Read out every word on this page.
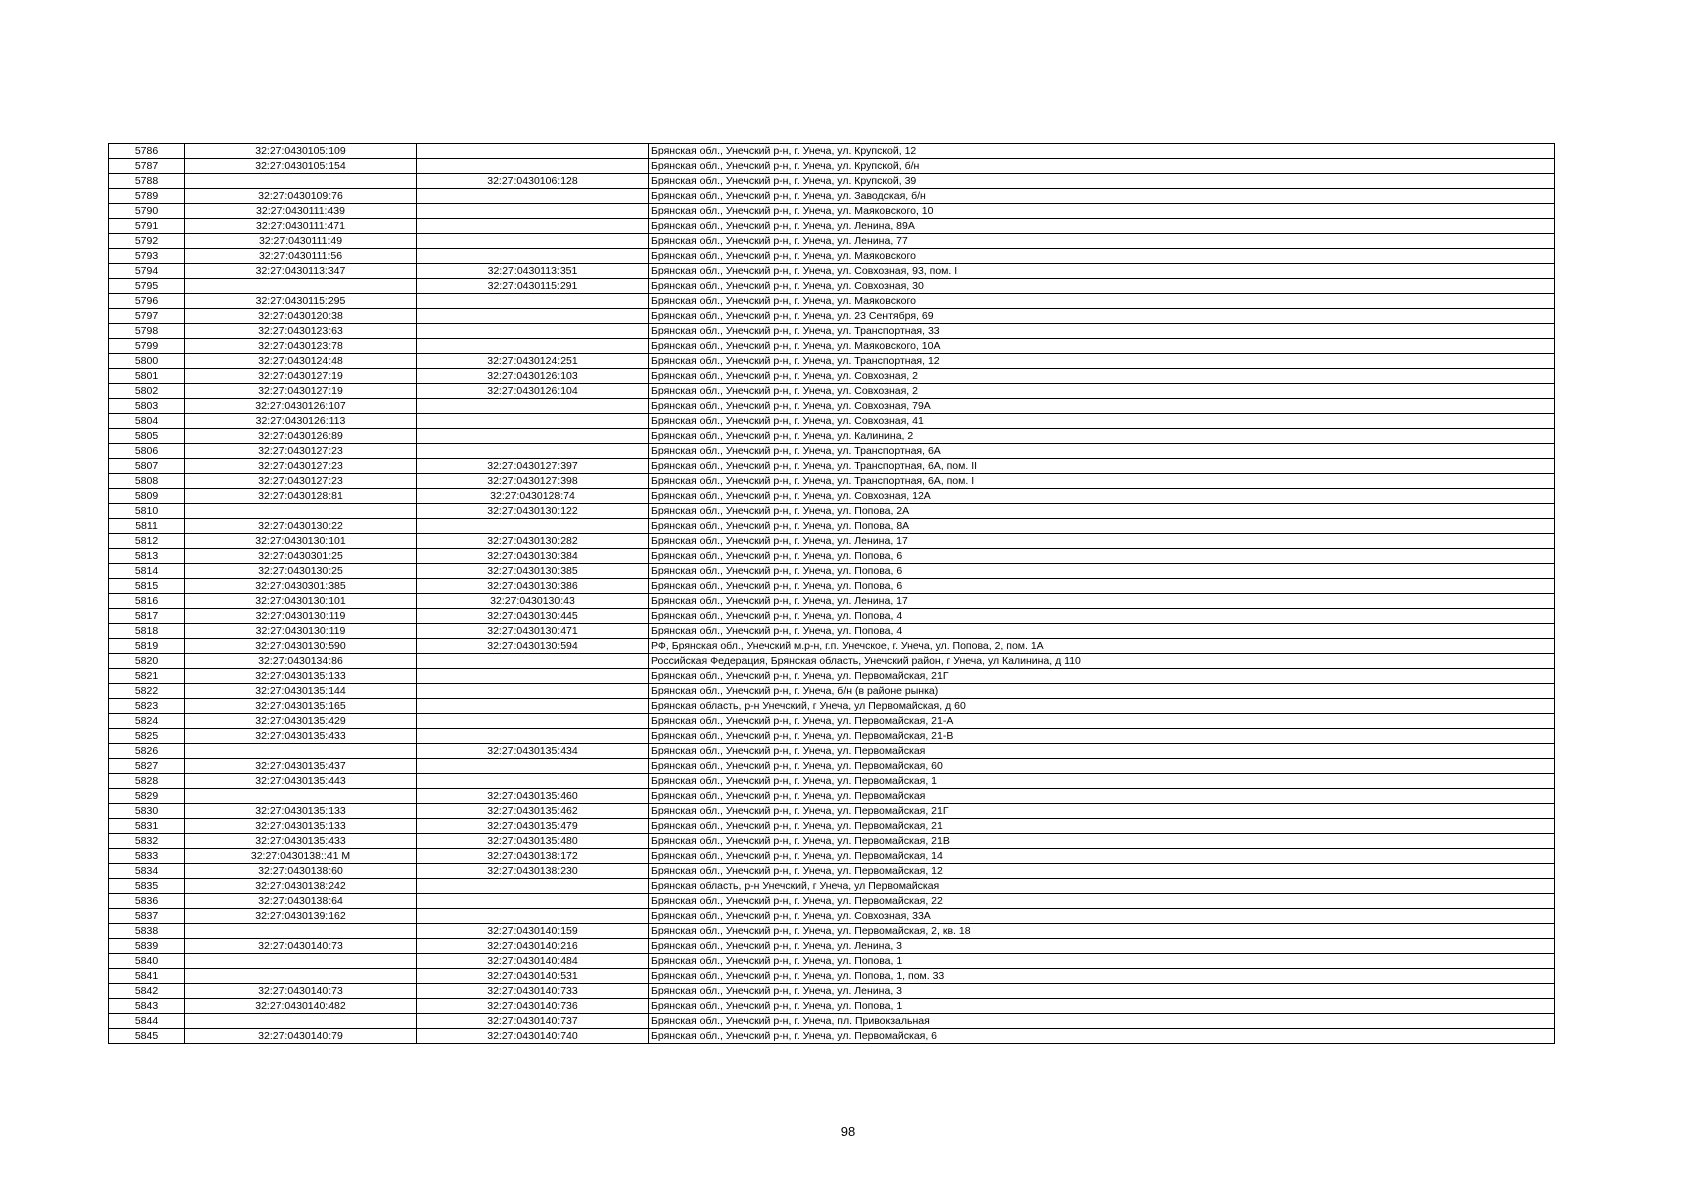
5786	32:27:0430105:109		Брянская обл., Унечский р-н, г. Унеча, ул. Крупской, 12
5787	32:27:0430105:154		Брянская обл., Унечский р-н, г. Унеча, ул. Крупской, б/н
5788		32:27:0430106:128	Брянская обл., Унечский р-н, г. Унеча, ул. Крупской, 39
5789	32:27:0430109:76		Брянская обл., Унечский р-н, г. Унеча, ул. Заводская, б/н
5790	32:27:0430111:439		Брянская обл., Унечский р-н, г. Унеча, ул. Маяковского, 10
5791	32:27:0430111:471		Брянская обл., Унечский р-н, г. Унеча, ул. Ленина, 89А
5792	32:27:0430111:49		Брянская обл., Унечский р-н, г. Унеча, ул. Ленина, 77
5793	32:27:0430111:56		Брянская обл., Унечский р-н, г. Унеча, ул. Маяковского
5794	32:27:0430113:347	32:27:0430113:351	Брянская обл., Унечский р-н, г. Унеча, ул. Совхозная, 93, пом. I
5795		32:27:0430115:291	Брянская обл., Унечский р-н, г. Унеча, ул. Совхозная, 30
5796	32:27:0430115:295		Брянская обл., Унечский р-н, г. Унеча, ул. Маяковского
5797	32:27:0430120:38		Брянская обл., Унечский р-н, г. Унеча, ул. 23 Сентября, 69
5798	32:27:0430123:63		Брянская обл., Унечский р-н, г. Унеча, ул. Транспортная, 33
5799	32:27:0430123:78		Брянская обл., Унечский р-н, г. Унеча, ул. Маяковского, 10А
5800	32:27:0430124:48	32:27:0430124:251	Брянская обл., Унечский р-н, г. Унеча, ул. Транспортная, 12
5801	32:27:0430127:19	32:27:0430126:103	Брянская обл., Унечский р-н, г. Унеча, ул. Совхозная, 2
5802	32:27:0430127:19	32:27:0430126:104	Брянская обл., Унечский р-н, г. Унеча, ул. Совхозная, 2
5803	32:27:0430126:107		Брянская обл., Унечский р-н, г. Унеча, ул. Совхозная, 79А
5804	32:27:0430126:113		Брянская обл., Унечский р-н, г. Унеча, ул. Совхозная, 41
5805	32:27:0430126:89		Брянская обл., Унечский р-н, г. Унеча, ул. Калинина, 2
5806	32:27:0430127:23		Брянская обл., Унечский р-н, г. Унеча, ул. Транспортная, 6А
5807	32:27:0430127:23	32:27:0430127:397	Брянская обл., Унечский р-н, г. Унеча, ул. Транспортная, 6А, пом. II
5808	32:27:0430127:23	32:27:0430127:398	Брянская обл., Унечский р-н, г. Унеча, ул. Транспортная, 6А, пом. I
5809	32:27:0430128:81	32:27:0430128:74	Брянская обл., Унечский р-н, г. Унеча, ул. Совхозная, 12А
5810		32:27:0430130:122	Брянская обл., Унечский р-н, г. Унеча, ул. Попова, 2А
5811	32:27:0430130:22		Брянская обл., Унечский р-н, г. Унеча, ул. Попова, 8А
5812	32:27:0430130:101	32:27:0430130:282	Брянская обл., Унечский р-н, г. Унеча, ул. Ленина, 17
5813	32:27:0430301:25	32:27:0430130:384	Брянская обл., Унечский р-н, г. Унеча, ул. Попова, 6
5814	32:27:0430130:25	32:27:0430130:385	Брянская обл., Унечский р-н, г. Унеча, ул. Попова, 6
5815	32:27:0430301:385	32:27:0430130:386	Брянская обл., Унечский р-н, г. Унеча, ул. Попова, 6
5816	32:27:0430130:101	32:27:0430130:43	Брянская обл., Унечский р-н, г. Унеча, ул. Ленина, 17
5817	32:27:0430130:119	32:27:0430130:445	Брянская обл., Унечский р-н, г. Унеча, ул. Попова, 4
5818	32:27:0430130:119	32:27:0430130:471	Брянская обл., Унечский р-н, г. Унеча, ул. Попова, 4
5819	32:27:0430130:590	32:27:0430130:594	РФ, Брянская обл., Унечский м.р-н, г.п. Унечское, г. Унеча, ул. Попова, 2, пом. 1А
5820	32:27:0430134:86		Российская Федерация, Брянская область, Унечский район, г Унеча, ул Калинина, д 110
5821	32:27:0430135:133		Брянская обл., Унечский р-н, г. Унеча, ул. Первомайская, 21Г
5822	32:27:0430135:144		Брянская обл., Унечский р-н, г. Унеча, б/н (в районе рынка)
5823	32:27:0430135:165		Брянская область, р-н Унечский, г Унеча, ул Первомайская, д 60
5824	32:27:0430135:429		Брянская обл., Унечский р-н, г. Унеча, ул. Первомайская, 21-А
5825	32:27:0430135:433		Брянская обл., Унечский р-н, г. Унеча, ул. Первомайская, 21-В
5826		32:27:0430135:434	Брянская обл., Унечский р-н, г. Унеча, ул. Первомайская
5827	32:27:0430135:437		Брянская обл., Унечский р-н, г. Унеча, ул. Первомайская, 60
5828	32:27:0430135:443		Брянская обл., Унечский р-н, г. Унеча, ул. Первомайская, 1
5829		32:27:0430135:460	Брянская обл., Унечский р-н, г. Унеча, ул. Первомайская
5830	32:27:0430135:133	32:27:0430135:462	Брянская обл., Унечский р-н, г. Унеча, ул. Первомайская, 21Г
5831	32:27:0430135:133	32:27:0430135:479	Брянская обл., Унечский р-н, г. Унеча, ул. Первомайская, 21
5832	32:27:0430135:433	32:27:0430135:480	Брянская обл., Унечский р-н, г. Унеча, ул. Первомайская, 21В
5833	32:27:0430138::41 М	32:27:0430138:172	Брянская обл., Унечский р-н, г. Унеча, ул. Первомайская, 14
5834	32:27:0430138:60	32:27:0430138:230	Брянская обл., Унечский р-н, г. Унеча, ул. Первомайская, 12
5835	32:27:0430138:242		Брянская область, р-н Унечский, г Унеча, ул Первомайская
5836	32:27:0430138:64		Брянская обл., Унечский р-н, г. Унеча, ул. Первомайская, 22
5837	32:27:0430139:162		Брянская обл., Унечский р-н, г. Унеча, ул. Совхозная, 33А
5838		32:27:0430140:159	Брянская обл., Унечский р-н, г. Унеча, ул. Первомайская, 2, кв. 18
5839	32:27:0430140:73	32:27:0430140:216	Брянская обл., Унечский р-н, г. Унеча, ул. Ленина, 3
5840		32:27:0430140:484	Брянская обл., Унечский р-н, г. Унеча, ул. Попова, 1
5841		32:27:0430140:531	Брянская обл., Унечский р-н, г. Унеча, ул. Попова, 1, пом. 33
5842	32:27:0430140:73	32:27:0430140:733	Брянская обл., Унечский р-н, г. Унеча, ул. Ленина, 3
5843	32:27:0430140:482	32:27:0430140:736	Брянская обл., Унечский р-н, г. Унеча, ул. Попова, 1
5844		32:27:0430140:737	Брянская обл., Унечский р-н, г. Унеча, пл. Привокзальная
5845	32:27:0430140:79	32:27:0430140:740	Брянская обл., Унечский р-н, г. Унеча, ул. Первомайская, 6
98
